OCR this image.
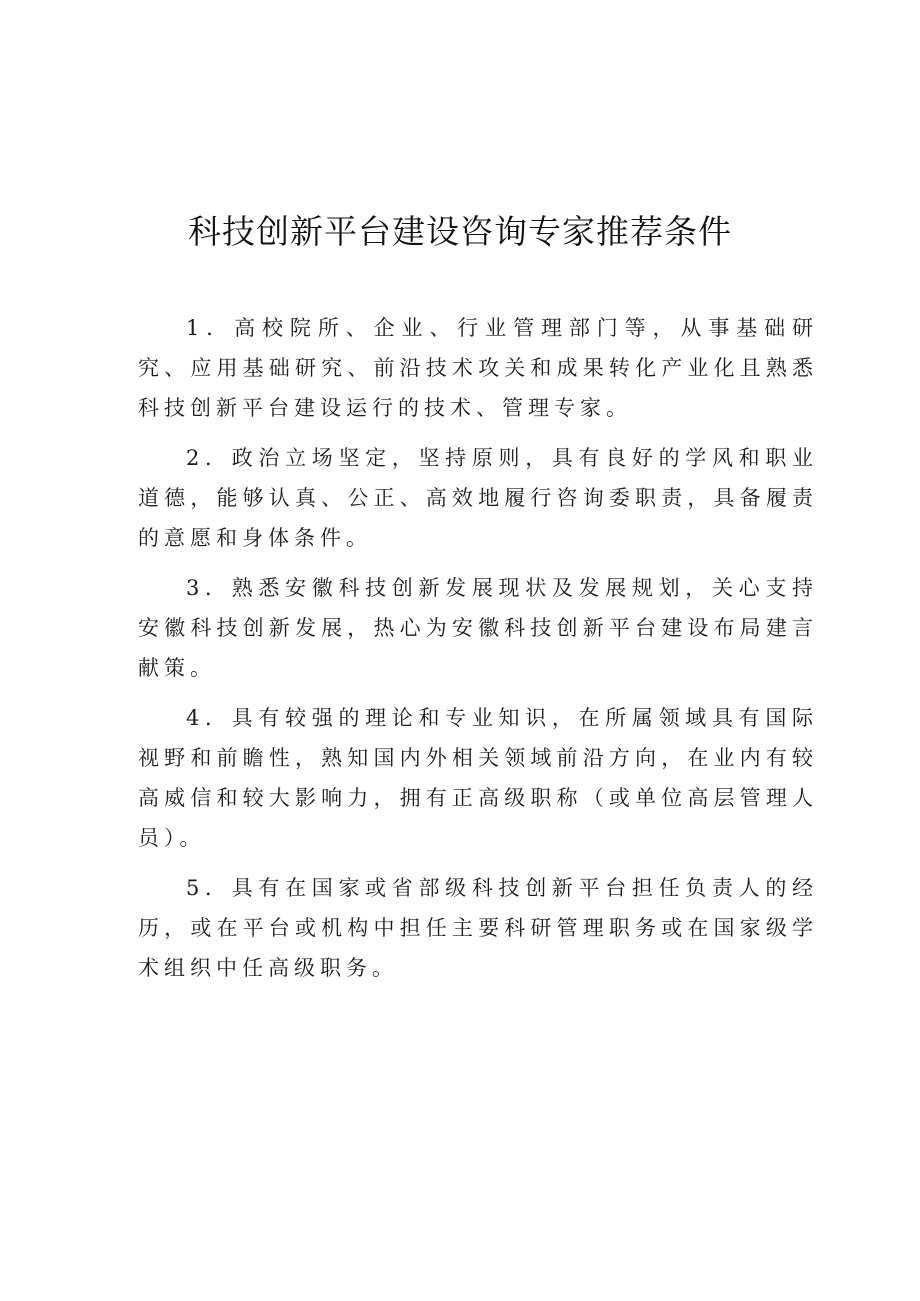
科技创新平台建设咨询专家推荐条件

1．高校院所、企业、行业管理部门等，从事基础研究、应用基础研究、前沿技术攻关和成果转化产业化且熟悉科技创新平台建设运行的技术、管理专家。

2．政治立场坚定，坚持原则，具有良好的学风和职业道德，能够认真、公正、高效地履行咨询委职责，具备履责的意愿和身体条件。

3．熟悉安徽科技创新发展现状及发展规划，关心支持安徽科技创新发展，热心为安徽科技创新平台建设布局建言献策。

4．具有较强的理论和专业知识，在所属领域具有国际视野和前瞻性，熟知国内外相关领域前沿方向，在业内有较高威信和较大影响力，拥有正高级职称（或单位高层管理人员）。

5．具有在国家或省部级科技创新平台担任负责人的经历，或在平台或机构中担任主要科研管理职务或在国家级学术组织中任高级职务。
